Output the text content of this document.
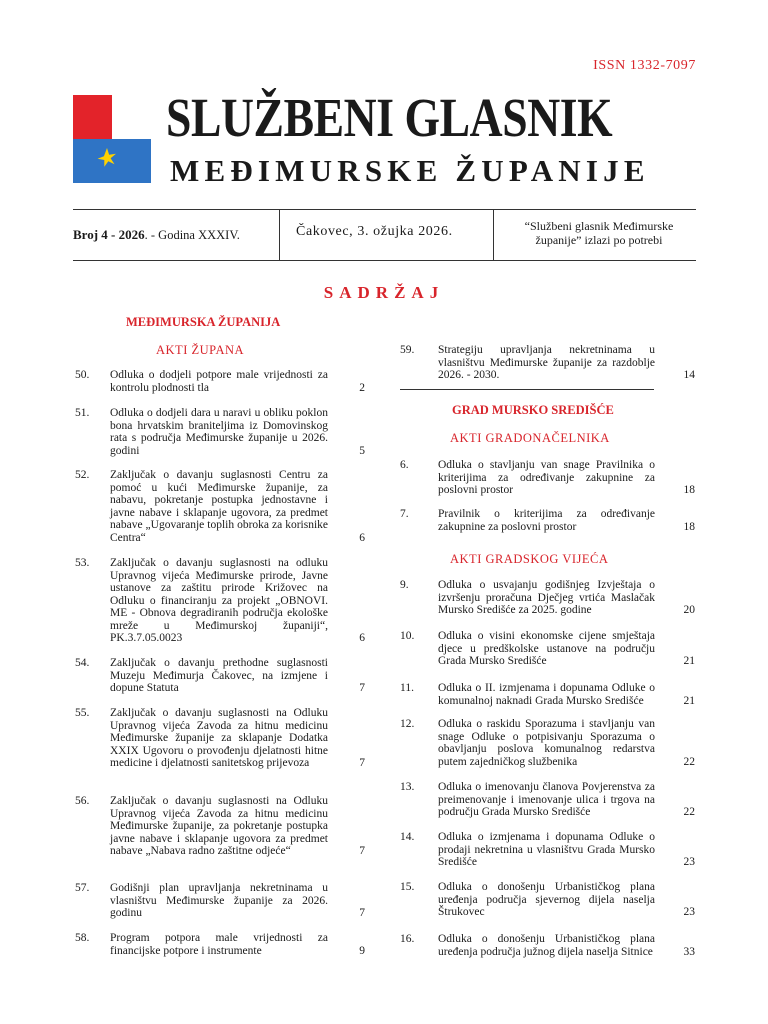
ISSN 1332-7097
SLUŽBENI GLASNIK
MEĐIMURSKE ŽUPANIJE
Broj 4 - 2026. - Godina XXXIV.	Čakovec, 3. ožujka 2026.	“Službeni glasnik Međimurske županije” izlazi po potrebi
SADRŽAJ
MEĐIMURSKA ŽUPANIJA
AKTI ŽUPANA
50. Odluka o dodjeli potpore male vrijednosti za kontrolu plodnosti tla	2
51. Odluka o dodjeli dara u naravi u obliku poklon bona hrvatskim braniteljima iz Domovinskog rata s područja Međimurske županije u 2026. godini	5
52. Zaključak o davanju suglasnosti Centru za pomoć u kući Međimurske županije, za nabavu, pokretanje postupka jednostavne i javne nabave i sklapanje ugovora, za predmet nabave „Ugovaranje toplih obroka za korisnike Centra“	6
53. Zaključak o davanju suglasnosti na odluku Upravnog vijeća Međimurske prirode, Javne ustanove za zaštitu prirode Križovec na Odluku o financiranju za projekt „OBNOVI. ME - Obnova degradiranih područja ekološke mreže u Međimurskoj županiji“, PK.3.7.05.0023	6
54. Zaključak o davanju prethodne suglasnosti Muzeju Međimurja Čakovec, na izmjene i dopune Statuta	7
55. Zaključak o davanju suglasnosti na Odluku Upravnog vijeća Zavoda za hitnu medicinu Međimurske županije za sklapanje Dodatka XXIX Ugovoru o provođenju djelatnosti hitne medicine i djelatnosti sanitetskog prijevoza	7
56. Zaključak o davanju suglasnosti na Odluku Upravnog vijeća Zavoda za hitnu medicinu Međimurske županije, za pokretanje postupka javne nabave i sklapanje ugovora za predmet nabave „Nabava radno zaštitne odjeće“	7
57. Godišnji plan upravljanja nekretninama u vlasništvu Međimurske županije za 2026. godinu	7
58. Program potpora male vrijednosti za financijske potpore i instrumente	9
59. Strategiju upravljanja nekretninama u vlasništvu Međimurske županije za razdoblje 2026. - 2030.	14
GRAD MURSKO SREDIŠĆE
AKTI GRADONAČELNIKA
6.	Odluka o stavljanju van snage Pravilnika o kriterijima za određivanje zakupnine za poslovni prostor	18
7.	Pravilnik o kriterijima za određivanje zakupnine za poslovni prostor	18
AKTI GRADSKOG VIJEĆA
9.	Odluka o usvajanju godišnjeg Izvještaja o izvršenju proračuna Dječjeg vrtića Maslačak Mursko Središće za 2025. godine	20
10. Odluka o visini ekonomske cijene smještaja djece u predškolske ustanove na području Grada Mursko Središće	21
11. Odluka o II. izmjenama i dopunama Odluke o komunalnoj naknadi Grada Mursko Središće	21
12. Odluka o raskidu Sporazuma i stavljanju van snage Odluke o potpisivanju Sporazuma o obavljanju poslova komunalnog redarstva putem zajedničkog službenika	22
13. Odluka o imenovanju članova Povjerenstva za preimenovanje i imenovanje ulica i trgova na području Grada Mursko Središće	22
14. Odluka o izmjenama i dopunama Odluke o prodaji nekretnina u vlasništvu Grada Mursko Središće	23
15. Odluka o donošenju Urbanističkog plana uređenja područja sjevernog dijela naselja Štrukovec	23
16. Odluka o donošenju Urbanističkog plana uređenja područja južnog dijela naselja Sitnice	33
